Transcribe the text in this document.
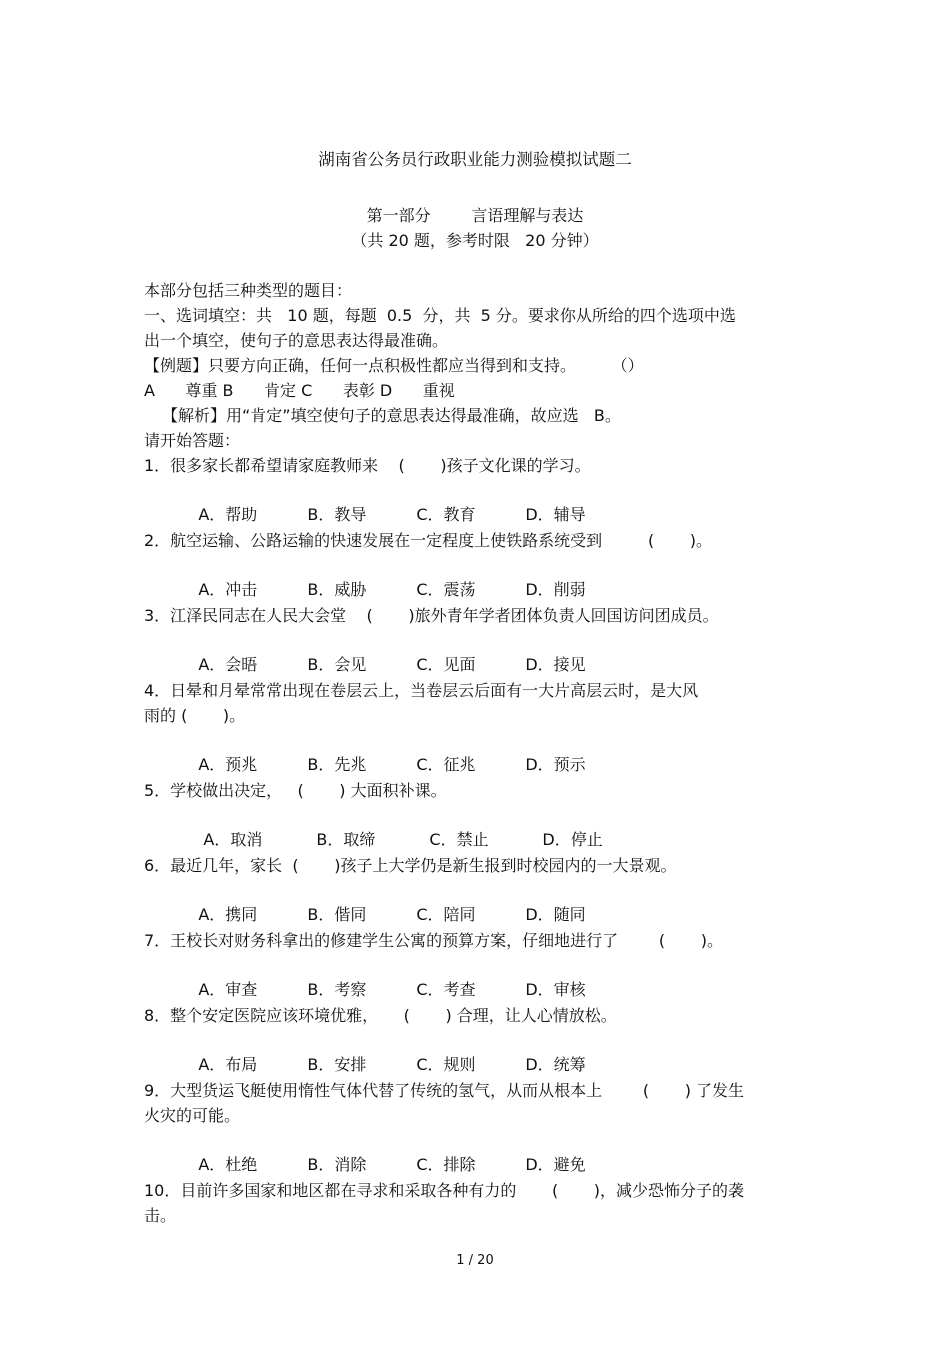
湖南省公务员行政职业能力测验模拟试题二
第一部分        言语理解与表达
（共 20 题，参考时限   20 分钟）
本部分包括三种类型的题目：
一、选词填空：共   10 题，每题  0.5  分，共  5 分。要求你从所给的四个选项中选
出一个填空，使句子的意思表达得最准确。
【例题】只要方向正确，任何一点积极性都应当得到和支持。       （）
A      尊重 B      肯定 C      表彰 D      重视
【解析】用“肯定”填空使句子的意思表达得最准确，故应选   B。
请开始答题：
1．很多家长都希望请家庭教师来    (       )孩子文化课的学习。

A．帮助	B．教导	C．教育	D．辅导

2．航空运输、公路运输的快速发展在一定程度上使铁路系统受到         (       )。

A．冲击	B．威胁	C．震荡	D．削弱

3．江泽民同志在人民大会堂    (       )旅外青年学者团体负责人回国访问团成员。

A．会晤	B．会见	C．见面	D．接见

4．日晕和月晕常常出现在卷层云上，当卷层云后面有一大片高层云时，是大风
雨的 (       )。

A．预兆	B．先兆	C．征兆	D．预示

5．学校做出决定，   (       ) 大面积补课。

A．取消	B．取缔	C．禁止	D．停止

6．最近几年，家长  (       )孩子上大学仍是新生报到时校园内的一大景观。

A．携同	B．偕同	C．陪同	D．随同

7．王校长对财务科拿出的修建学生公寓的预算方案，仔细地进行了        (       )。

A．审查	B．考察	C．考查	D．审核

8．整个安定医院应该环境优雅，     (       ) 合理，让人心情放松。

A．布局	B．安排	C．规则	D．统筹

9．大型货运飞艇使用惰性气体代替了传统的氢气，从而从根本上        (       ) 了发生
火灾的可能。

A．杜绝	B．消除	C．排除	D．避免

10．目前许多国家和地区都在寻求和采取各种有力的       (       )，减少恐怖分子的袭
击。
1 / 20
